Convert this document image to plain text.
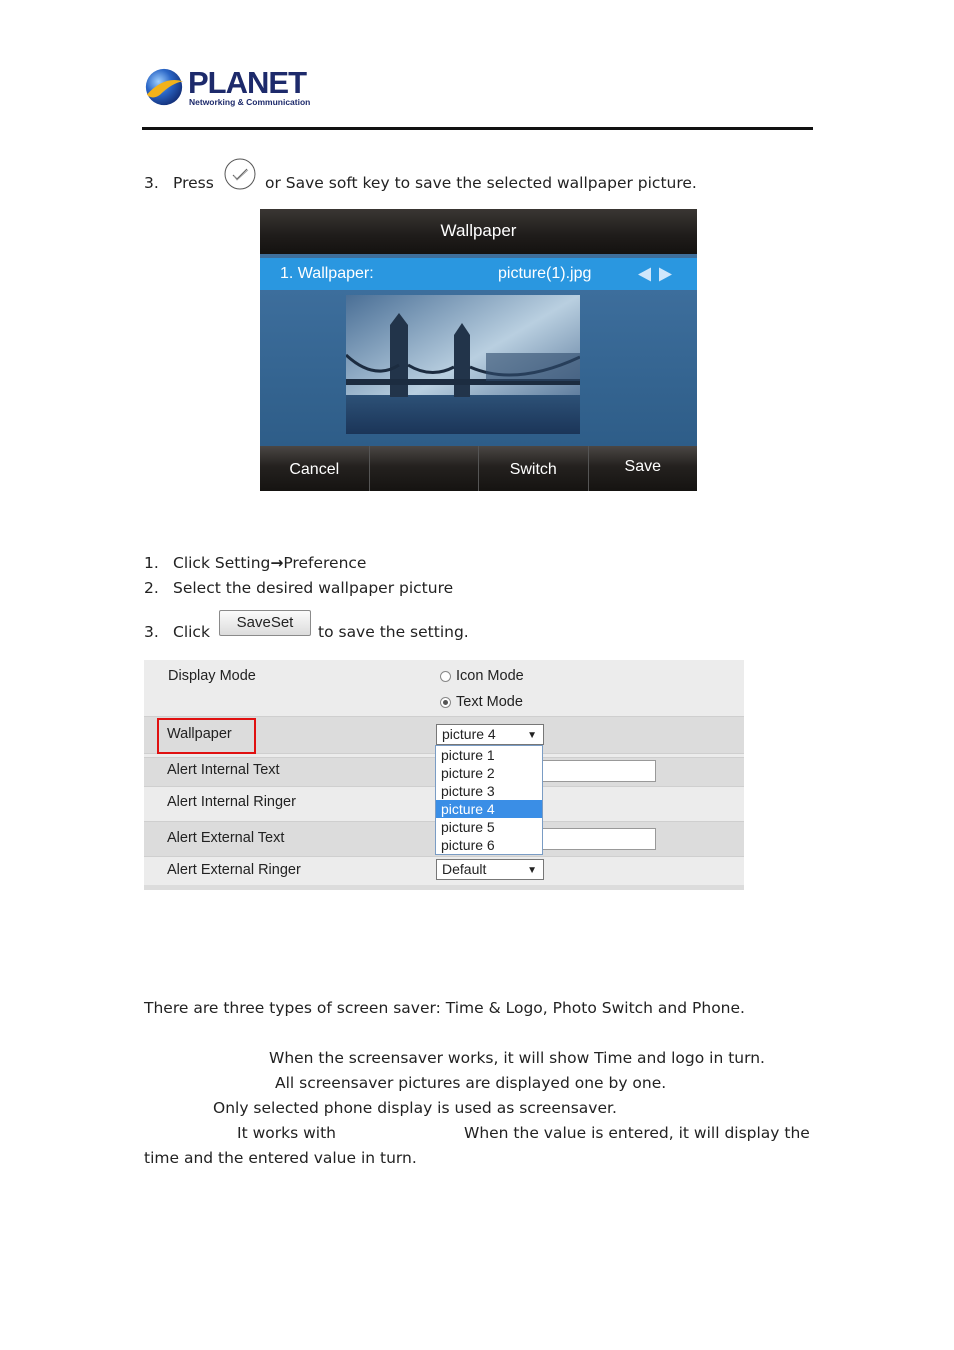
PLANET
Networking & Communication
3. Press	or Save soft key to save the selected wallpaper picture.
Wallpaper
1. Wallpaper:	picture(1).jpg
Cancel	Switch	Save
1. Click Setting→Preference
2. Select the desired wallpaper picture
3. Click
SaveSet
to save the setting.
Display Mode	Icon Mode
Text Mode
Wallpaper	picture 4	▼
Alert Internal Text
Alert Internal Ringer
Alert External Text
Alert External Ringer	Default	▼
picture 1
picture 2
picture 3
picture 4
picture 5
picture 6
There are three types of screen saver: Time & Logo, Photo Switch and Phone.
When the screensaver works, it will show Time and logo in turn.
All screensaver pictures are displayed one by one.
Only selected phone display is used as screensaver.
It works with	When the value is entered, it will display the
time and the entered value in turn.
